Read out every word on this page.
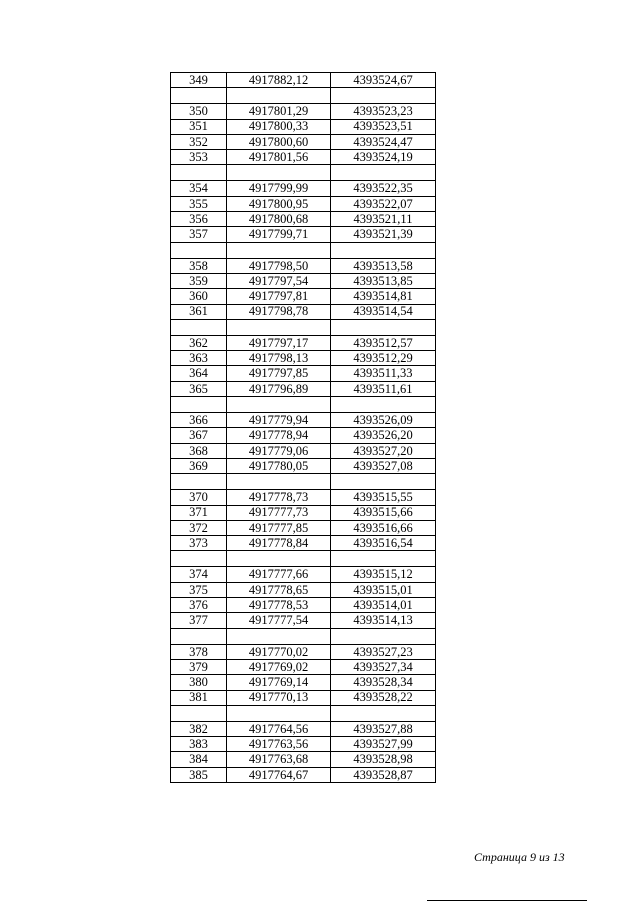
349	4917882,12	4393524,67

350	4917801,29	4393523,23
351	4917800,33	4393523,51
352	4917800,60	4393524,47
353	4917801,56	4393524,19

354	4917799,99	4393522,35
355	4917800,95	4393522,07
356	4917800,68	4393521,11
357	4917799,71	4393521,39

358	4917798,50	4393513,58
359	4917797,54	4393513,85
360	4917797,81	4393514,81
361	4917798,78	4393514,54

362	4917797,17	4393512,57
363	4917798,13	4393512,29
364	4917797,85	4393511,33
365	4917796,89	4393511,61

366	4917779,94	4393526,09
367	4917778,94	4393526,20
368	4917779,06	4393527,20
369	4917780,05	4393527,08

370	4917778,73	4393515,55
371	4917777,73	4393515,66
372	4917777,85	4393516,66
373	4917778,84	4393516,54

374	4917777,66	4393515,12
375	4917778,65	4393515,01
376	4917778,53	4393514,01
377	4917777,54	4393514,13

378	4917770,02	4393527,23
379	4917769,02	4393527,34
380	4917769,14	4393528,34
381	4917770,13	4393528,22

382	4917764,56	4393527,88
383	4917763,56	4393527,99
384	4917763,68	4393528,98
385	4917764,67	4393528,87
Страница 9 из 13
